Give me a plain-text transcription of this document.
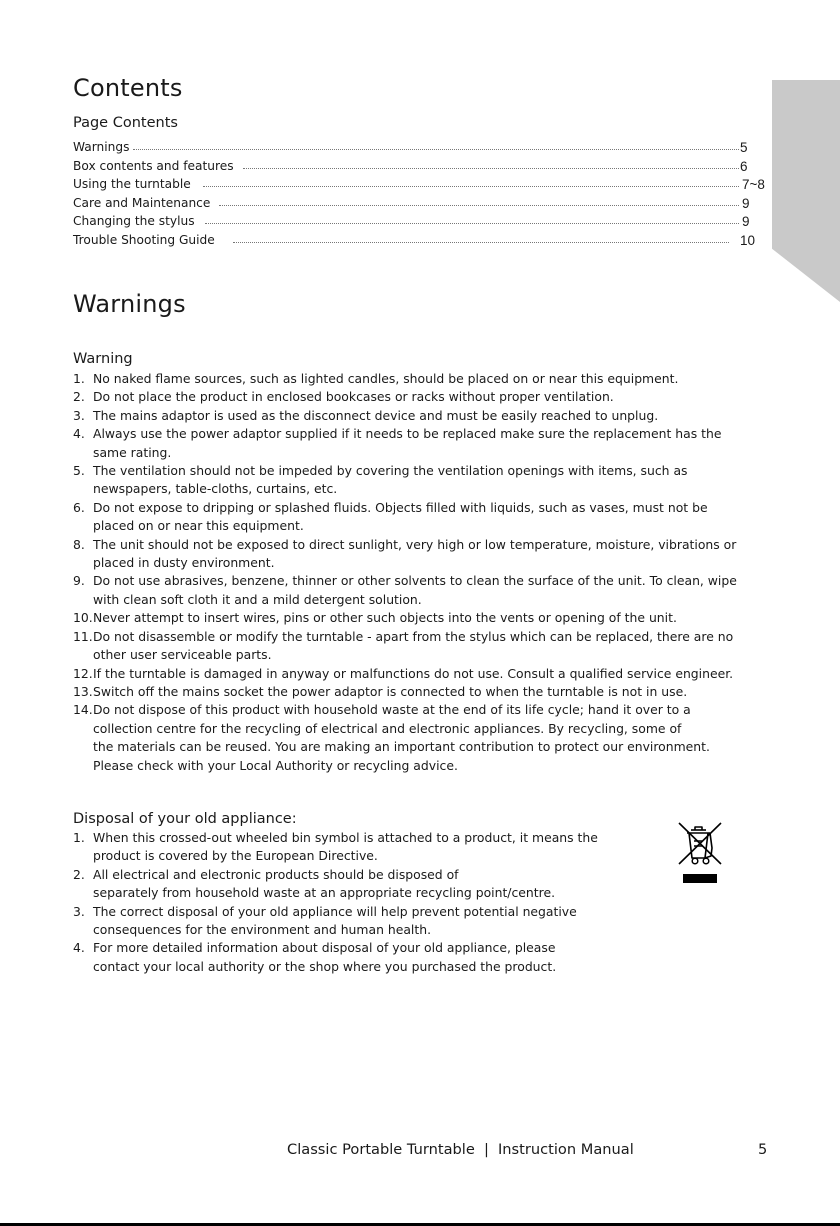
Contents
Page Contents
Warnings	5
Box contents and features	6
Using the turntable	7~8
Care and Maintenance	9
Changing the stylus	9
Trouble Shooting Guide	10
Warnings
Warning
1. No naked flame sources, such as lighted candles, should be placed on or near this equipment.
2. Do not place the product in enclosed bookcases or racks without proper ventilation.
3. The mains adaptor is used as the disconnect device and must be easily reached to unplug.
4. Always use the power adaptor supplied if it needs to be replaced make sure the replacement has the
same rating.
5. The ventilation should not be impeded by covering the ventilation openings with items, such as
newspapers, table-cloths, curtains, etc.
6. Do not expose to dripping or splashed fluids. Objects filled with liquids, such as vases, must not be
placed on or near this equipment.
8. The unit should not be exposed to direct sunlight, very high or low temperature, moisture, vibrations or
placed in dusty environment.
9. Do not use abrasives, benzene, thinner or other solvents to clean the surface of the unit. To clean, wipe
with clean soft cloth it and a mild detergent solution.
10. Never attempt to insert wires, pins or other such objects into the vents or opening of the unit.
11. Do not disassemble or modify the turntable - apart from the stylus which can be replaced, there are no
other user serviceable parts.
12. If the turntable is damaged in anyway or malfunctions do not use. Consult a qualified service engineer.
13. Switch off the mains socket the power adaptor is connected to when the turntable is not in use.
14. Do not dispose of this product with household waste at the end of its life cycle; hand it over to a
collection centre for the recycling of electrical and electronic appliances. By recycling, some of
the materials can be reused. You are making an important contribution to protect our environment.
Please check with your Local Authority or recycling advice.
Disposal of your old appliance:
1. When this crossed-out wheeled bin symbol is attached to a product, it means the
product is covered by the European Directive.
2. All electrical and electronic products should be disposed of
separately from household waste at an appropriate recycling point/centre.
3. The correct disposal of your old appliance will help prevent potential negative
consequences for the environment and human health.
4. For more detailed information about disposal of your old appliance, please
contact your local authority or the shop where you purchased the product.
Classic Portable Turntable | Instruction Manual	5
